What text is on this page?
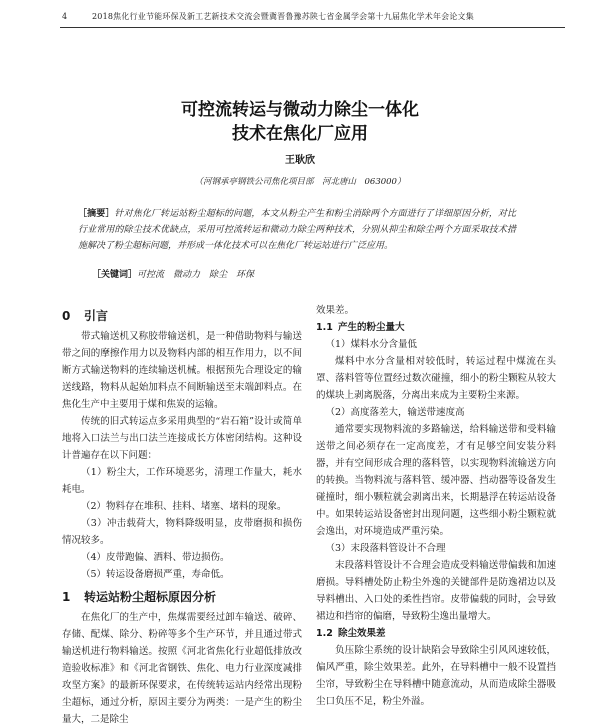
4	2018焦化行业节能环保及新工艺新技术交流会暨冀晋鲁豫苏陕七省金属学会第十九届焦化学术年会论文集
可控流转运与微动力除尘一体化
技术在焦化厂应用
王耿欣
（河钢承亭钢铁公司焦化项目部　河北唐山　063000）
［摘要］针对焦化厂转运站粉尘超标的问题，本文从粉尘产生和粉尘消除两个方面进行了详细原因分析，对比行业常用的除尘技术优缺点，采用可控流转运和微动力除尘两种技术，分别从抑尘和除尘两个方面采取技术措施解决了粉尘超标问题，并形成一体化技术可以在焦化厂转运站进行广泛应用。
［关键词］可控流　微动力　除尘　环保
0 引言

带式输送机又称胶带输送机，是一种借助物料与输送带之间的摩擦作用力以及物料内部的相互作用力，以不间断方式输送物料的连续输送机械。根据预先合理设定的输送线路，物料从起始加料点不间断输送至末端卸料点。在焦化生产中主要用于煤和焦炭的运输。

传统的旧式转运点多采用典型的“岩石箱”设计或简单地将入口法兰与出口法兰连接成长方体密闭结构。这种设计普遍存在以下问题：

（1）粉尘大，工作环境恶劣，清理工作量大，耗水耗电。

（2）物料存在堆积、挂料、堵塞、堵料的现象。

（3）冲击载荷大，物料降级明显，皮带磨损和损伤情况较多。

（4）皮带跑偏、洒料、带边损伤。

（5）转运设备磨损严重，寿命低。

1 转运站粉尘超标原因分析

在焦化厂的生产中，焦煤需要经过卸车输送、破碎、存储、配煤、除分、粉碎等多个生产环节，并且通过带式输送机进行物料输送。按照《河北省焦化行业超低排放改造验收标准》和《河北省钢铁、焦化、电力行业深度减排攻坚方案》的最新环保要求，在传统转运站内经常出现粉尘超标，通过分析，原因主要分为两类：一是产生的粉尘量大，二是除尘

效果差。

1.1 产生的粉尘量大

（1）煤料水分含量低

煤料中水分含量相对较低时，转运过程中煤流在头罩、落料管等位置经过数次碰撞，细小的粉尘颗粒从较大的煤块上剥离脱落，分离出来成为主要粉尘来源。

（2）高度落差大，输送带速度高

通常要实现物料流的多路输送，给料输送带和受料输送带之间必须存在一定高度差，才有足够空间安装分料器，并有空间形成合理的落料管，以实现物料流输送方向的转换。当物料流与落料管、缓冲器、挡动器等设备发生碰撞时，细小颗粒就会剥离出来，长期悬浮在转运站设备中。如果转运站设备密封出现问题，这些细小粉尘颗粒就会逸出，对环境造成严重污染。

（3）末段落料管设计不合理

末段落料管设计不合理会造成受料输送带偏载和加速磨损。导料槽处防止粉尘外逸的关键部件是防逸裙边以及导料槽出、入口处的柔性挡帘。皮带偏载的同时，会导致裙边和挡帘的偏磨，导致粉尘逸出量增大。

1.2 除尘效果差

负压除尘系统的设计缺陷会导致除尘引风风速较低，偏风严重，除尘效果差。此外，在导料槽中一般不设置挡尘帘，导致粉尘在导料槽中随意流动，从而造成除尘器吸尘口负压不足，粉尘外溢。
